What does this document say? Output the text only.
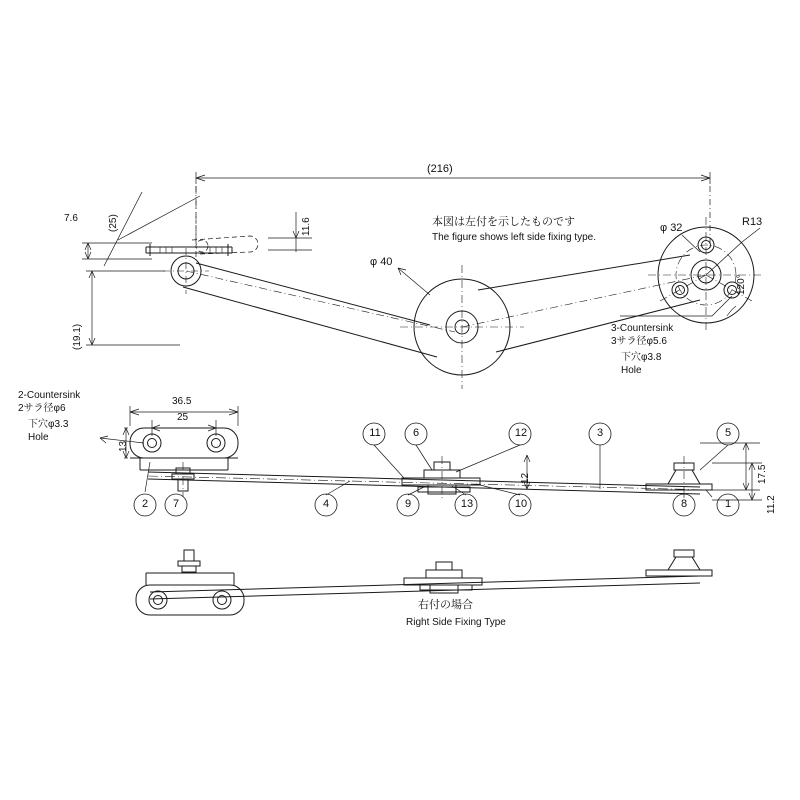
(216)
7.6	(25)	11.6
(19.1)
φ 40
φ 32	R13
120°
3-Countersink
3サラ径φ5.6
下穴φ3.8
Hole
本図は左付を示したものです
The figure shows left side fixing type.
2-Countersink
2サラ径φ6
下穴φ3.3
Hole
36.5
25
13
17.5
11.2
12
2 7	4	9	13	10	8	1
11	6	12	3	5
右付の場合
Right Side Fixing Type
